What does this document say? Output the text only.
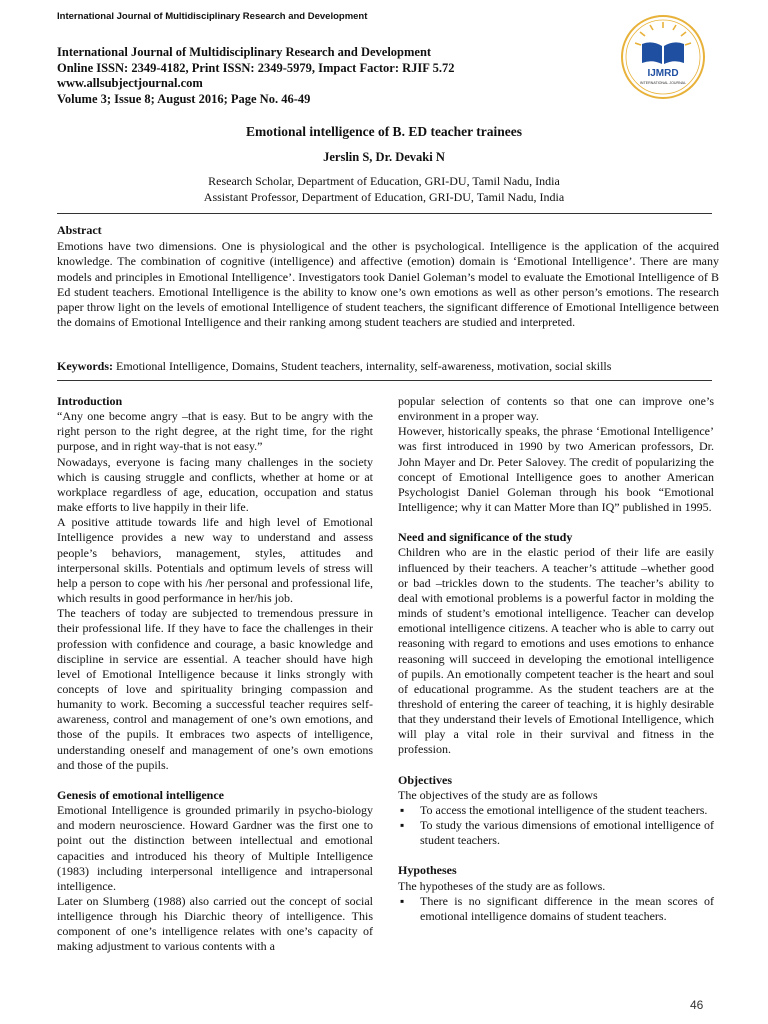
International Journal of Multidisciplinary Research and Development
International Journal of Multidisciplinary Research and Development
Online ISSN: 2349-4182, Print ISSN: 2349-5979, Impact Factor: RJIF 5.72
www.allsubjectjournal.com
Volume 3; Issue 8; August 2016; Page No. 46-49
IJMRD
INTERNATIONAL JOURNAL
Emotional intelligence of B. ED teacher trainees
Jerslin S, Dr. Devaki N
Research Scholar, Department of Education, GRI-DU, Tamil Nadu, India
Assistant Professor, Department of Education, GRI-DU, Tamil Nadu, India
Abstract
Emotions have two dimensions. One is physiological and the other is psychological. Intelligence is the application of the acquired knowledge. The combination of cognitive (intelligence) and affective (emotion) domain is ‘Emotional Intelligence’. There are many models and principles in Emotional Intelligence’. Investigators took Daniel Goleman’s model to evaluate the Emotional Intelligence of B Ed student teachers. Emotional Intelligence is the ability to know one’s own emotions as well as other person’s emotions. The research paper throw light on the levels of emotional Intelligence of student teachers, the significant difference of Emotional Intelligence between the domains of Emotional Intelligence and their ranking among student teachers are studied and interpreted.
Keywords: Emotional Intelligence, Domains, Student teachers, internality, self-awareness, motivation, social skills
Introduction

“Any one become angry –that is easy. But to be angry with the right person to the right degree, at the right time, for the right purpose, and in right way-that is not easy.”

Nowadays, everyone is facing many challenges in the society which is causing struggle and conflicts, whether at home or at workplace regardless of age, education, occupation and status make efforts to live happily in their life.

A positive attitude towards life and high level of Emotional Intelligence provides a new way to understand and assess people’s behaviors, management, styles, attitudes and interpersonal skills. Potentials and optimum levels of stress will help a person to cope with his /her personal and professional life, which results in good performance in her/his job.

The teachers of today are subjected to tremendous pressure in their professional life. If they have to face the challenges in their profession with confidence and courage, a basic knowledge and discipline in service are essential. A teacher should have high level of Emotional Intelligence because it links strongly with concepts of love and spirituality bringing compassion and humanity to work. Becoming a successful teacher requires self-awareness, control and management of one’s own emotions, and those of the pupils. It embraces two aspects of intelligence, understanding oneself and management of one’s own emotions and those of the pupils.

Genesis of emotional intelligence

Emotional Intelligence is grounded primarily in psycho-biology and modern neuroscience. Howard Gardner was the first one to point out the distinction between intellectual and emotional capacities and introduced his theory of Multiple Intelligence (1983) including interpersonal intelligence and intrapersonal intelligence.

Later on Slumberg (1988) also carried out the concept of social intelligence through his Diarchic theory of intelligence. This component of one’s intelligence relates with one’s capacity of making adjustment to various contents with a

popular selection of contents so that one can improve one’s environment in a proper way.

However, historically speaks, the phrase ‘Emotional Intelligence’ was first introduced in 1990 by two American professors, Dr. John Mayer and Dr. Peter Salovey. The credit of popularizing the concept of Emotional Intelligence goes to another American Psychologist Daniel Goleman through his book “Emotional Intelligence; why it can Matter More than IQ” published in 1995.

Need and significance of the study

Children who are in the elastic period of their life are easily influenced by their teachers. A teacher’s attitude –whether good or bad –trickles down to the students. The teacher’s ability to deal with emotional problems is a powerful factor in molding the minds of student’s emotional intelligence. Teacher can develop emotional intelligence citizens. A teacher who is able to carry out reasoning with regard to emotions and uses emotions to enhance reasoning will succeed in developing the emotional intelligence of pupils. An emotionally competent teacher is the heart and soul of educational programme. As the student teachers are at the threshold of entering the career of teaching, it is highly desirable that they understand their levels of Emotional Intelligence, which will play a vital role in their survival and fitness in the profession.

Objectives

The objectives of the study are as follows

▪ To access the emotional intelligence of the student teachers.
▪ To study the various dimensions of emotional intelligence of student teachers.
Hypotheses

The hypotheses of the study are as follows.

▪ There is no significant difference in the mean scores of emotional intelligence domains of student teachers.
46
